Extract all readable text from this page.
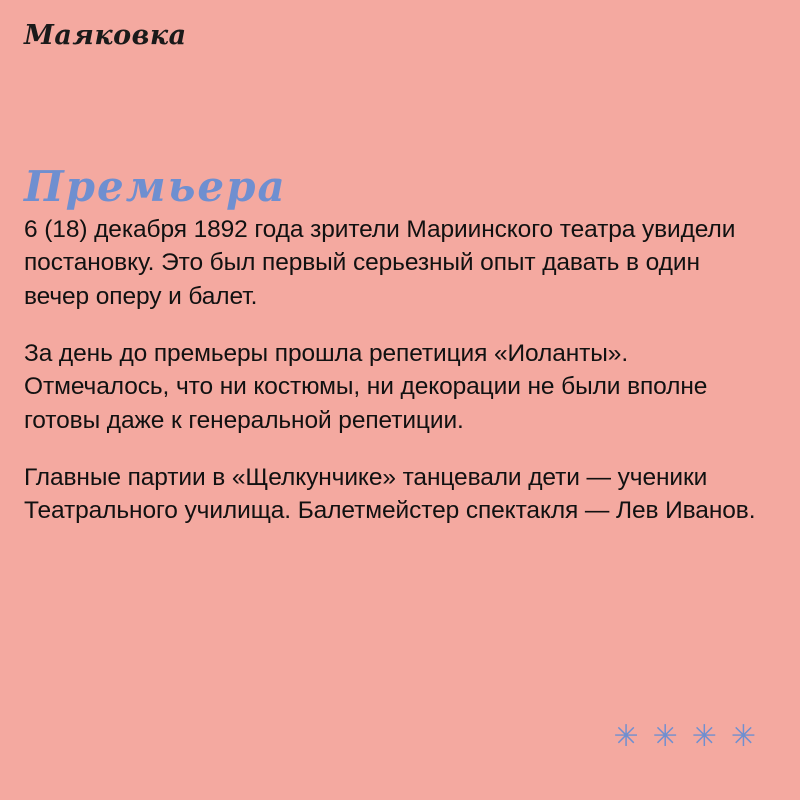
Маяковка
Премьера

6 (18) декабря 1892 года зрители Мариинского театра увидели постановку. Это был первый серьезный опыт давать в один вечер оперу и балет.

За день до премьеры прошла репетиция «Иоланты». Отмечалось, что ни костюмы, ни декорации не были вполне готовы даже к генеральной репетиции.

Главные партии в «Щелкунчике» танцевали дети — ученики Театрального училища. Балетмейстер спектакля — Лев Иванов.

✳ ✳ ✳ ✳
